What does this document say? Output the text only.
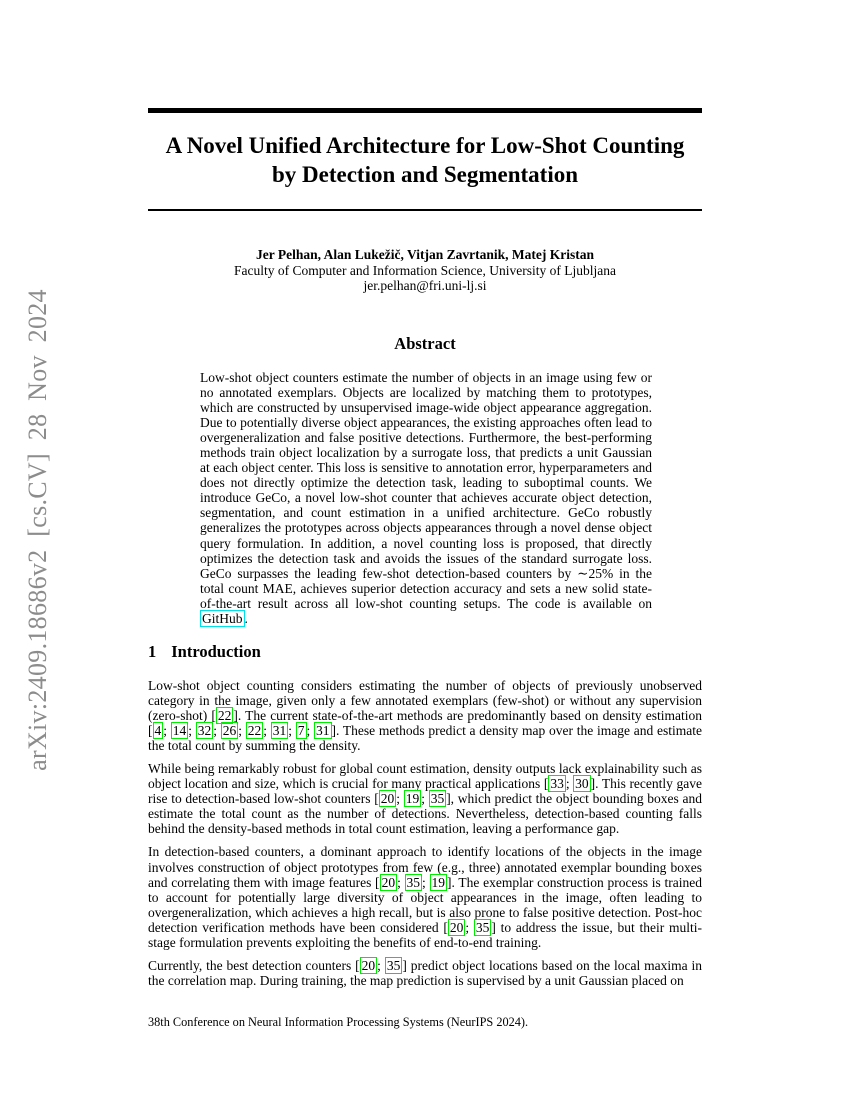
arXiv:2409.18686v2 [cs.CV] 28 Nov 2024
A Novel Unified Architecture for Low-Shot Counting
by Detection and Segmentation
Jer Pelhan, Alan Lukežič, Vitjan Zavrtanik, Matej Kristan
Faculty of Computer and Information Science, University of Ljubljana
jer.pelhan@fri.uni-lj.si
Abstract
Low-shot object counters estimate the number of objects in an image using few or no annotated exemplars. Objects are localized by matching them to prototypes, which are constructed by unsupervised image-wide object appearance aggregation. Due to potentially diverse object appearances, the existing approaches often lead to overgeneralization and false positive detections. Furthermore, the best-performing methods train object localization by a surrogate loss, that predicts a unit Gaussian at each object center. This loss is sensitive to annotation error, hyperparameters and does not directly optimize the detection task, leading to suboptimal counts. We introduce GeCo, a novel low-shot counter that achieves accurate object detection, segmentation, and count estimation in a unified architecture. GeCo robustly generalizes the prototypes across objects appearances through a novel dense object query formulation. In addition, a novel counting loss is proposed, that directly optimizes the detection task and avoids the issues of the standard surrogate loss. GeCo surpasses the leading few-shot detection-based counters by ∼25% in the total count MAE, achieves superior detection accuracy and sets a new solid state-of-the-art result across all low-shot counting setups. The code is available on GitHub .
1 Introduction

Low-shot object counting considers estimating the number of objects of previously unobserved category in the image, given only a few annotated exemplars (few-shot) or without any supervision (zero-shot) [ 22 ]. The current state-of-the-art methods are predominantly based on density estimation [ 4 ; 14 ; 32 ; 26 ; 22 ; 31 ; 7 ; 31 ]. These methods predict a density map over the image and estimate the total count by summing the density.

While being remarkably robust for global count estimation, density outputs lack explainability such as object location and size, which is crucial for many practical applications [ 33 ; 30 ]. This recently gave rise to detection-based low-shot counters [ 20 ; 19 ; 35 ], which predict the object bounding boxes and estimate the total count as the number of detections. Nevertheless, detection-based counting falls behind the density-based methods in total count estimation, leaving a performance gap.

In detection-based counters, a dominant approach to identify locations of the objects in the image involves construction of object prototypes from few (e.g., three) annotated exemplar bounding boxes and correlating them with image features [ 20 ; 35 ; 19 ]. The exemplar construction process is trained to account for potentially large diversity of object appearances in the image, often leading to overgeneralization, which achieves a high recall, but is also prone to false positive detection. Post-hoc detection verification methods have been considered [ 20 ; 35 ] to address the issue, but their multi-stage formulation prevents exploiting the benefits of end-to-end training.

Currently, the best detection counters [ 20 ; 35 ] predict object locations based on the local maxima in the correlation map. During training, the map prediction is supervised by a unit Gaussian placed on

38th Conference on Neural Information Processing Systems (NeurIPS 2024).
